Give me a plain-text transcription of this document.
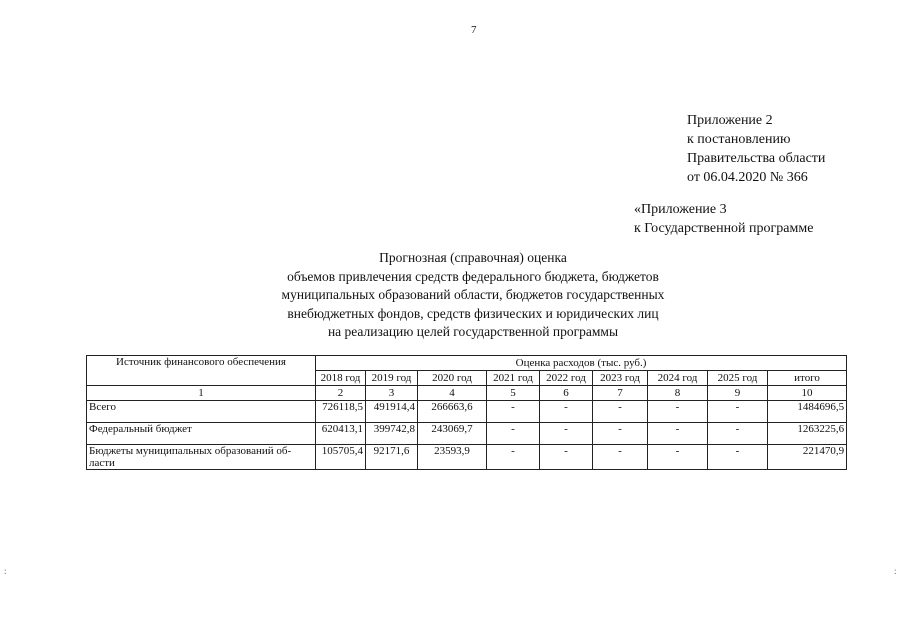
7
Приложение 2
к постановлению
Правительства области
от 06.04.2020 № 366
«Приложение 3
к Государственной программе
Прогнозная (справочная) оценка
объемов привлечения средств федерального бюджета, бюджетов
муниципальных образований области, бюджетов государственных
внебюджетных фондов, средств физических и юридических лиц
на реализацию целей государственной программы
Источник финансового обеспечения	Оценка расходов (тыс. руб.)								
	2018 год	2019 год	2020 год	2021 год	2022 год	2023 год	2024 год	2025 год	итого
1	2	3	4	5	6	7	8	9	10
Всего	726118,5	491914,4	266663,6	-	-	-	-	-	1484696,5
Федеральный бюджет	620413,1	399742,8	243069,7	-	-	-	-	-	1263225,6
Бюджеты муниципальных образований об-ласти	105705,4	92171,6	23593,9	-	-	-	-	-	221470,9
:	:
